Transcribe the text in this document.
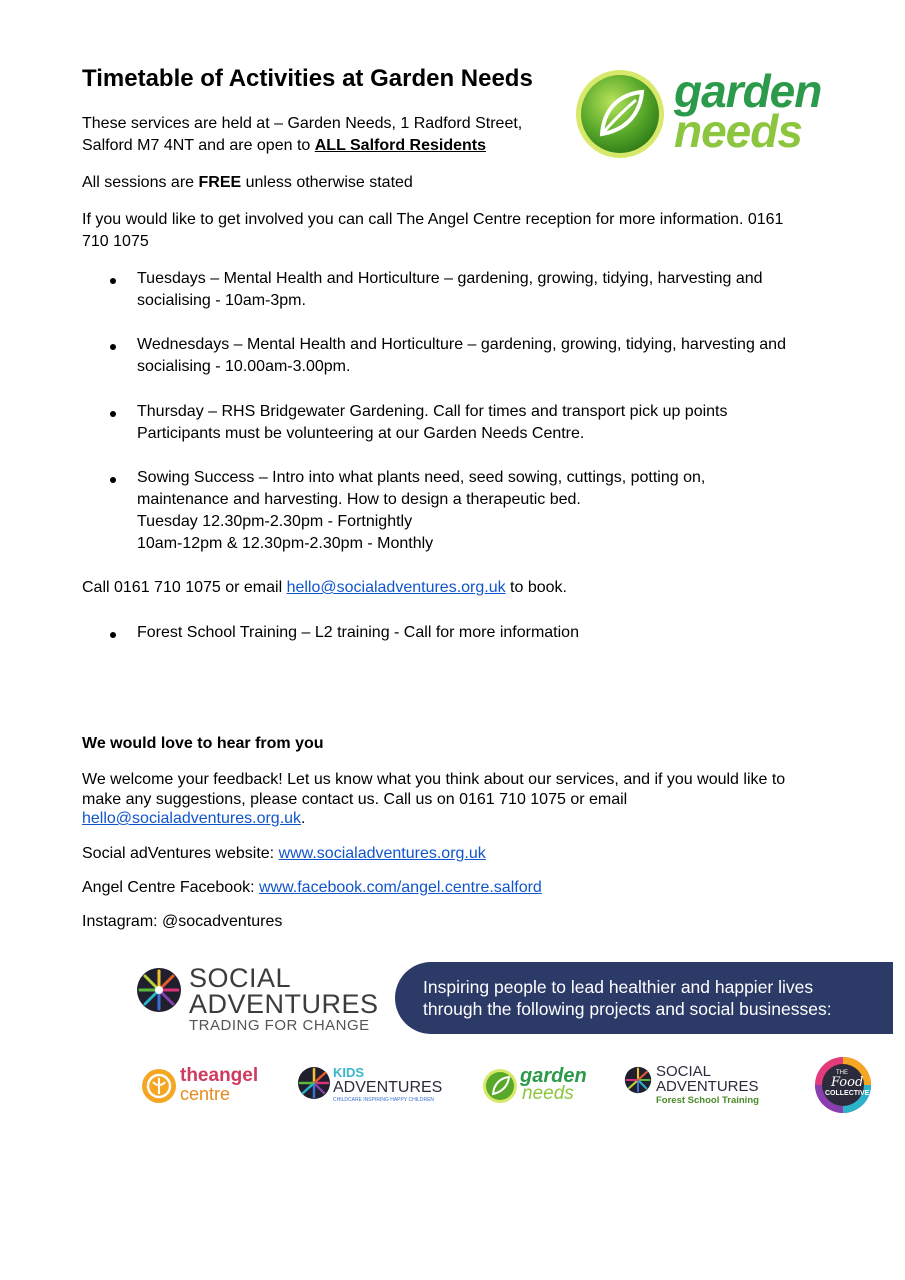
Timetable of Activities at Garden Needs	garden
needs
These services are held at – Garden Needs, 1 Radford Street,
Salford M7 4NT and are open to ALL Salford Residents
All sessions are FREE unless otherwise stated
If you would like to get involved you can call The Angel Centre reception for more information. 0161
710 1075
Tuesdays – Mental Health and Horticulture – gardening, growing, tidying, harvesting and
socialising - 10am-3pm.
Wednesdays – Mental Health and Horticulture – gardening, growing, tidying, harvesting and
socialising - 10.00am-3.00pm.
Thursday – RHS Bridgewater Gardening. Call for times and transport pick up points
Participants must be volunteering at our Garden Needs Centre.
Sowing Success – Intro into what plants need, seed sowing, cuttings, potting on,
maintenance and harvesting. How to design a therapeutic bed.
Tuesday 12.30pm-2.30pm - Fortnightly
10am-12pm & 12.30pm-2.30pm - Monthly
Call 0161 710 1075 or email hello@socialadventures.org.uk to book.
Forest School Training – L2 training - Call for more information
We would love to hear from you
We welcome your feedback! Let us know what you think about our services, and if you would like to
make any suggestions, please contact us. Call us on 0161 710 1075 or email
hello@socialadventures.org.uk.
Social adVentures website: www.socialadventures.org.uk
Angel Centre Facebook: www.facebook.com/angel.centre.salford
Instagram: @socadventures
SOCIAL
ADVENTURES
TRADING FOR CHANGE
Inspiring people to lead healthier and happier lives
through the following projects and social businesses:
theangel
centre
KIDS
ADVENTURES
CHILDCARE INSPIRING HAPPY CHILDREN
garden
needs
SOCIAL
ADVENTURES
Forest School Training
THE
Food
COLLECTIVE
